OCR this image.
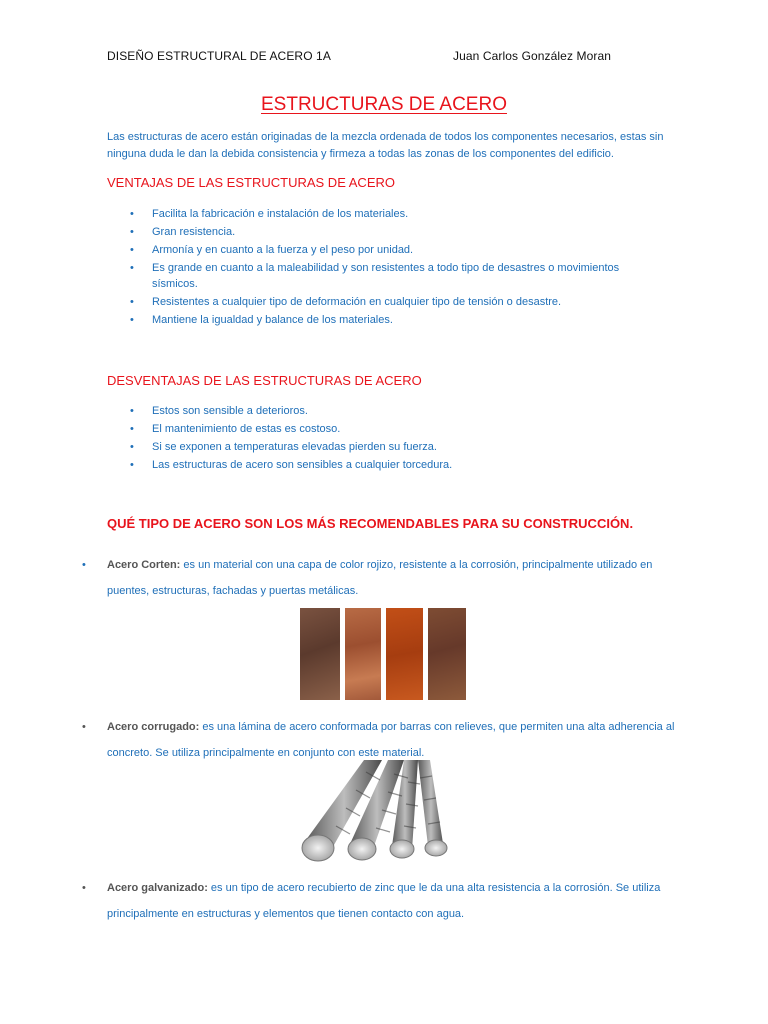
DISEÑO ESTRUCTURAL DE ACERO 1A	Juan Carlos González Moran
ESTRUCTURAS DE ACERO
Las estructuras de acero están originadas de la mezcla ordenada de todos los componentes necesarios, estas sin ninguna duda le dan la debida consistencia y firmeza a todas las zonas de los componentes del edificio.
VENTAJAS DE LAS ESTRUCTURAS DE ACERO
• Facilita la fabricación e instalación de los materiales.
• Gran resistencia.
• Armonía y en cuanto a la fuerza y el peso por unidad.
• Es grande en cuanto a la maleabilidad y son resistentes a todo tipo de desastres o movimientos sísmicos.
• Resistentes a cualquier tipo de deformación en cualquier tipo de tensión o desastre.
• Mantiene la igualdad y balance de los materiales.
DESVENTAJAS DE LAS ESTRUCTURAS DE ACERO
• Estos son sensible a deterioros.
• El mantenimiento de estas es costoso.
• Si se exponen a temperaturas elevadas pierden su fuerza.
• Las estructuras de acero son sensibles a cualquier torcedura.
QUÉ TIPO DE ACERO SON LOS MÁS RECOMENDABLES PARA SU CONSTRUCCIÓN.
• Acero Corten: es un material con una capa de color rojizo, resistente a la corrosión, principalmente utilizado en puentes, estructuras, fachadas y puertas metálicas.
• Acero corrugado: es una lámina de acero conformada por barras con relieves, que permiten una alta adherencia al concreto. Se utiliza principalmente en conjunto con este material.
• Acero galvanizado: es un tipo de acero recubierto de zinc que le da una alta resistencia a la corrosión. Se utiliza principalmente en estructuras y elementos que tienen contacto con agua.
